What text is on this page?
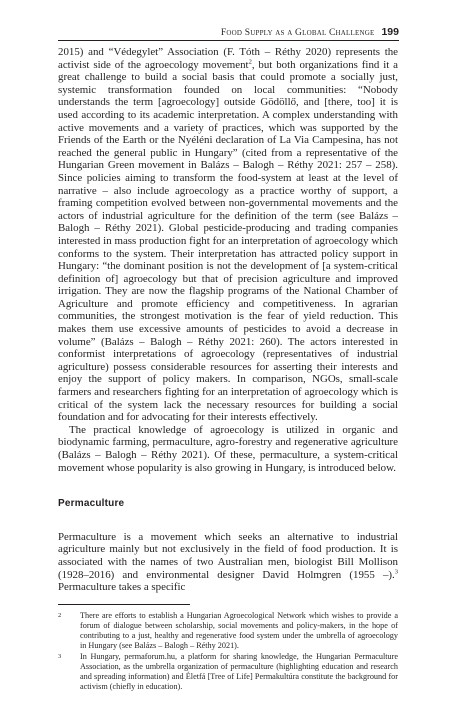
Food Supply as a Global Challenge 199

2015) and “Védegylet” Association (F. Tóth – Réthy 2020) represents the activist side of the agroecology movement$^2$, but both organizations find it a great challenge to build a social basis that could promote a socially just, systemic transformation founded on local communities: “Nobody understands the term [agroecology] outside Gödöllő, and [there, too] it is used according to its academic interpretation. A complex understanding with active movements and a variety of practices, which was supported by the Friends of the Earth or the Nyéléni declaration of La Via Campesina, has not reached the general public in Hungary” (cited from a representative of the Hungarian Green movement in Balázs – Balogh – Réthy 2021: 257 – 258). Since policies aiming to transform the food-system at least at the level of narrative – also include agroecology as a practice worthy of support, a framing competition evolved between non-governmental movements and the actors of industrial agriculture for the definition of the term (see Balázs – Balogh – Réthy 2021). Global pesticide-producing and trading companies interested in mass production fight for an interpretation of agroecology which conforms to the system. Their interpretation has attracted policy support in Hungary: “the dominant position is not the development of [a system-critical definition of] agroecology but that of precision agriculture and improved irrigation. They are now the flagship programs of the National Chamber of Agriculture and promote efficiency and competitiveness. In agrarian communities, the strongest motivation is the fear of yield reduction. This makes them use excessive amounts of pesticides to avoid a decrease in volume” (Balázs – Balogh – Réthy 2021: 260). The actors interested in conformist interpretations of agroecology (representatives of industrial agriculture) possess considerable resources for asserting their interests and enjoy the support of policy makers. In comparison, NGOs, small-scale farmers and researchers fighting for an interpretation of agroecology which is critical of the system lack the necessary resources for building a social foundation and for advocating for their interests effectively.

The practical knowledge of agroecology is utilized in organic and biodynamic farming, permaculture, agro-forestry and regenerative agriculture (Balázs – Balogh – Réthy 2021). Of these, permaculture, a system-critical movement whose popularity is also growing in Hungary, is introduced below.

Permaculture

Permaculture is a movement which seeks an alternative to industrial agriculture mainly but not exclusively in the field of food production. It is associated with the names of two Australian men, biologist Bill Mollison (1928–2016) and environmental designer David Holmgren (1955 –).$^3$ Permaculture takes a specific

2	There are efforts to establish a Hungarian Agroecological Network which wishes to provide a forum of dialogue between scholarship, social movements and policy-makers, in the hope of contributing to a just, healthy and regenerative food system under the umbrella of agroecology in Hungary (see Balázs – Balogh – Réthy 2021).
3	In Hungary, permaforum.hu, a platform for sharing knowledge, the Hungarian Permaculture Association, as the umbrella organization of permaculture (highlighting education and research and spreading information) and Életfá [Tree of Life] Permakultúra constitute the background for activism (chiefly in education).
